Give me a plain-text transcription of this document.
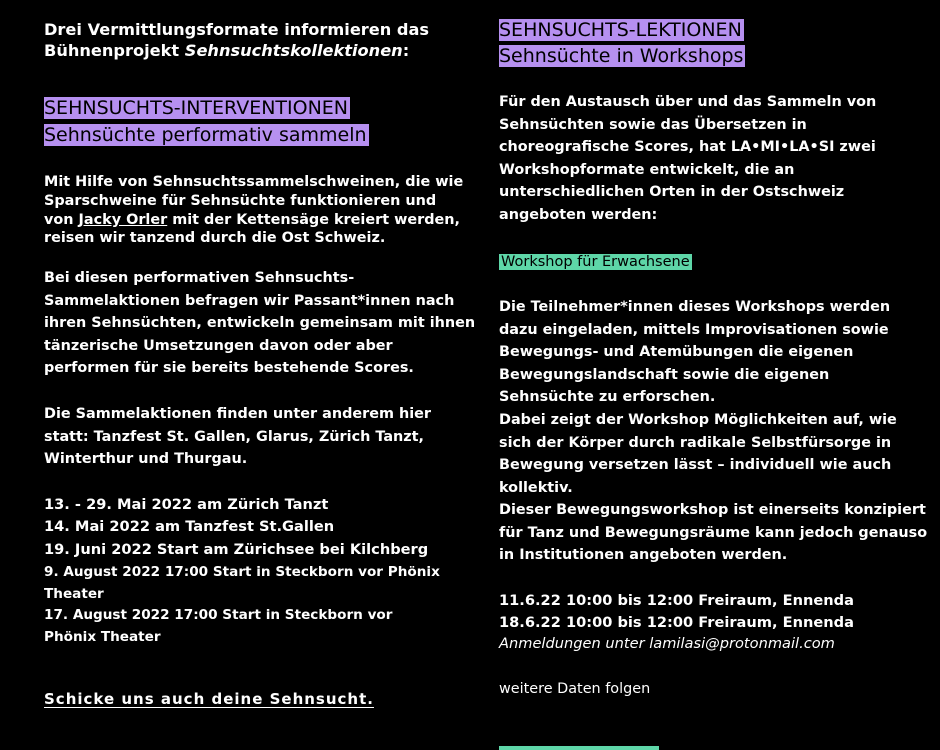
Drei Vermittlungsformate informieren das
Bühnenprojekt Sehnsuchtskollektionen:
SEHNSUCHTS-INTERVENTIONEN
Sehnsüchte performativ sammeln

Mit Hilfe von Sehnsuchtssammelschweinen, die wie Sparschweine für Sehnsüchte funktionieren und von Jacky Orler mit der Kettensäge kreiert werden, reisen wir tanzend durch die Ost Schweiz.

Bei diesen performativen Sehnsuchts-Sammelaktionen befragen wir Passant*innen nach ihren Sehnsüchten, entwickeln gemeinsam mit ihnen tänzerische Umsetzungen davon oder aber performen für sie bereits bestehende Scores.

Die Sammelaktionen finden unter anderem hier statt: Tanzfest St. Gallen, Glarus, Zürich Tanzt, Winterthur und Thurgau.

13. - 29. Mai 2022 am Zürich Tanzt
14. Mai 2022 am Tanzfest St.Gallen
19. Juni 2022 Start am Zürichsee bei Kilchberg
9. August 2022 17:00 Start in Steckborn vor Phönix Theater
17. August 2022 17:00 Start in Steckborn vor Phönix Theater
Schicke uns auch deine Sehnsucht.
SEHNSUCHTS-LEKTIONEN
Sehnsüchte in Workshops

Für den Austausch über und das Sammeln von Sehnsüchten sowie das Übersetzen in choreografische Scores, hat LA•MI•LA•SI zwei Workshopformate entwickelt, die an unterschiedlichen Orten in der Ostschweiz angeboten werden:

Workshop für Erwachsene

Die Teilnehmer*innen dieses Workshops werden dazu eingeladen, mittels Improvisationen sowie Bewegungs- und Atemübungen die eigenen Bewegungslandschaft sowie die eigenen Sehnsüchte zu erforschen.

Dabei zeigt der Workshop Möglichkeiten auf, wie sich der Körper durch radikale Selbstfürsorge in Bewegung versetzen lässt – individuell wie auch kollektiv.

Dieser Bewegungsworkshop ist einerseits konzipiert für Tanz und Bewegungsräume kann jedoch genauso in Institutionen angeboten werden.

11.6.22 10:00 bis 12:00 Freiraum, Ennenda
18.6.22 10:00 bis 12:00 Freiraum, Ennenda
Anmeldungen unter lamilasi@protonmail.com

weitere Daten folgen
